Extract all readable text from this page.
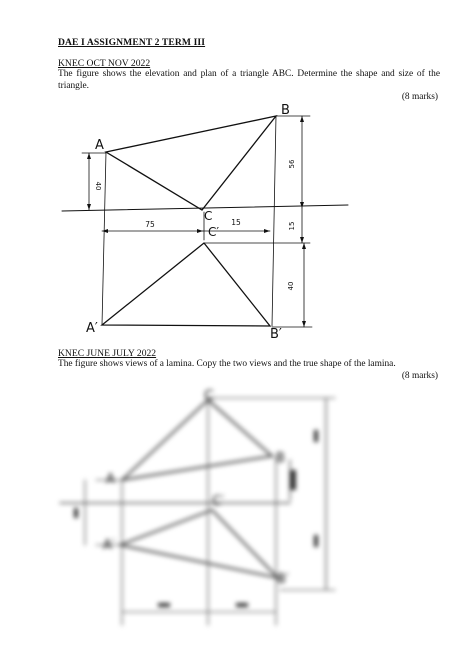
DAE I ASSIGNMENT 2 TERM III
KNEC OCT NOV 2022
The figure shows the elevation and plan of a triangle ABC. Determine the shape and size of the triangle.
(8 marks)
A
B
C
C′
A′	B′
40
56
75	15	15
40
KNEC JUNE JULY 2022
The figure shows views of a lamina. Copy the two views and the true shape of the lamina.
(8 marks)
C
A
B
A′
B′
C′
